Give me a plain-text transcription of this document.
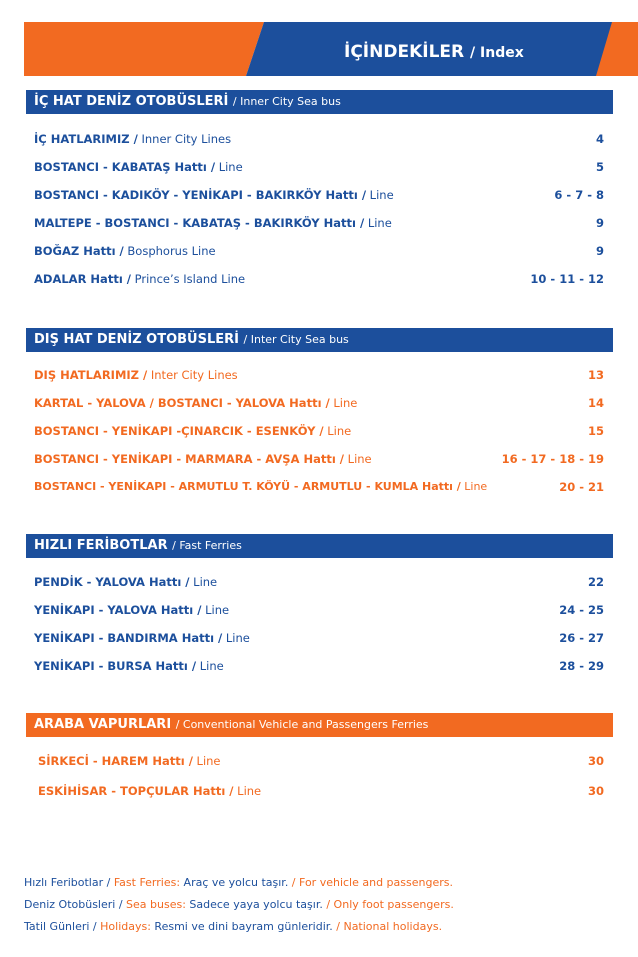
İÇİNDEKİLER / Index
İÇ HAT DENİZ OTOBÜSLERİ / Inner City Sea bus
İÇ HATLARIMIZ / Inner City Lines	4
BOSTANCI - KABATAŞ Hattı / Line	5
BOSTANCI - KADIKÖY - YENİKAPI - BAKIRKÖY Hattı / Line	6 - 7 - 8
MALTEPE - BOSTANCI - KABATAŞ - BAKIRKÖY Hattı / Line	9
BOĞAZ Hattı / Bosphorus Line	9
ADALAR Hattı / Prince’s Island Line	10 - 11 - 12
DIŞ HAT DENİZ OTOBÜSLERİ / Inter City Sea bus
DIŞ HATLARIMIZ / Inter City Lines	13
KARTAL - YALOVA / BOSTANCI - YALOVA Hattı / Line	14
BOSTANCI - YENİKAPI -ÇINARCIK - ESENKÖY / Line	15
BOSTANCI - YENİKAPI - MARMARA - AVŞA Hattı / Line	16 - 17 - 18 - 19
BOSTANCI - YENİKAPI - ARMUTLU T. KÖYÜ - ARMUTLU - KUMLA Hattı / Line	20 - 21
HIZLI FERİBOTLAR / Fast Ferries
PENDİK - YALOVA Hattı / Line	22
YENİKAPI - YALOVA Hattı / Line	24 - 25
YENİKAPI - BANDIRMA Hattı / Line	26 - 27
YENİKAPI - BURSA Hattı / Line	28 - 29
ARABA VAPURLARI / Conventional Vehicle and Passengers Ferries
SİRKECİ - HAREM Hattı / Line	30
ESKİHİSAR - TOPÇULAR Hattı / Line	30
Hızlı Feribotlar / Fast Ferries: Araç ve yolcu taşır. / For vehicle and passengers.
Deniz Otobüsleri / Sea buses: Sadece yaya yolcu taşır. / Only foot passengers.
Tatil Günleri / Holidays: Resmi ve dini bayram günleridir. / National holidays.
